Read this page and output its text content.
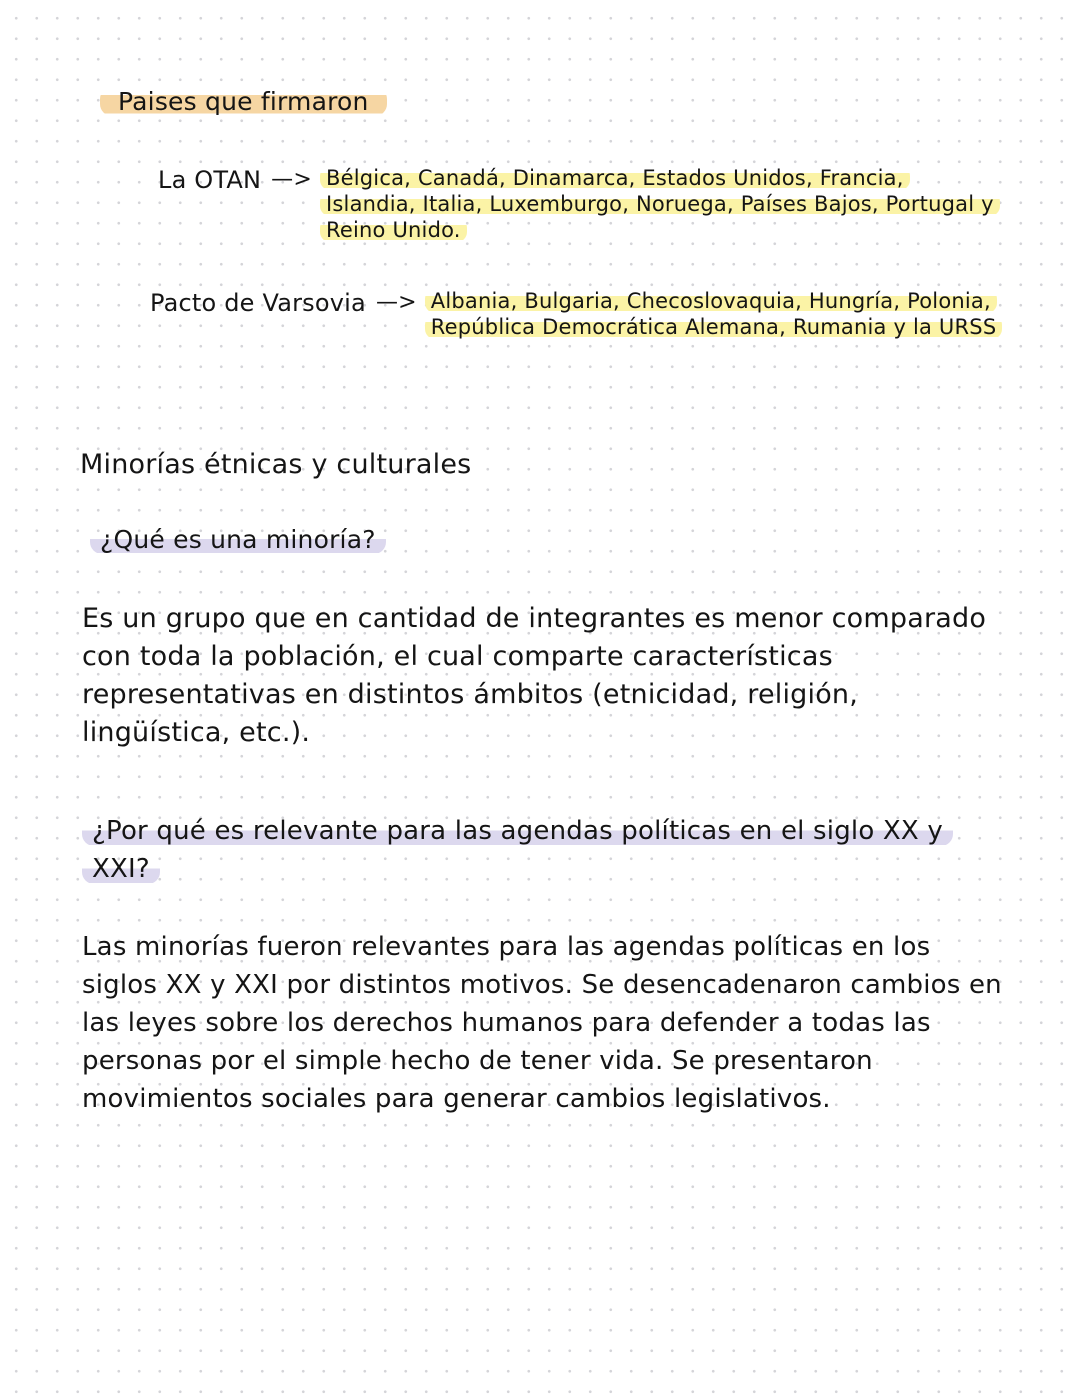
Paises que firmaron
La OTAN —> Bélgica, Canadá, Dinamarca, Estados Unidos, Francia, Islandia, Italia, Luxemburgo, Noruega, Países Bajos, Portugal y Reino Unido.
Pacto de Varsovia —> Albania, Bulgaria, Checoslovaquia, Hungría, Polonia, República Democrática Alemana, Rumania y la URSS
Minorías étnicas y culturales
¿Qué es una minoría?
Es un grupo que en cantidad de integrantes es menor comparado con toda la población, el cual comparte características representativas en distintos ámbitos (etnicidad, religión, lingüística, etc.).
¿Por qué es relevante para las agendas políticas en el siglo XX y XXI?
Las minorías fueron relevantes para las agendas políticas en los siglos XX y XXI por distintos motivos. Se desencadenaron cambios en las leyes sobre los derechos humanos para defender a todas las personas por el simple hecho de tener vida. Se presentaron movimientos sociales para generar cambios legislativos.
